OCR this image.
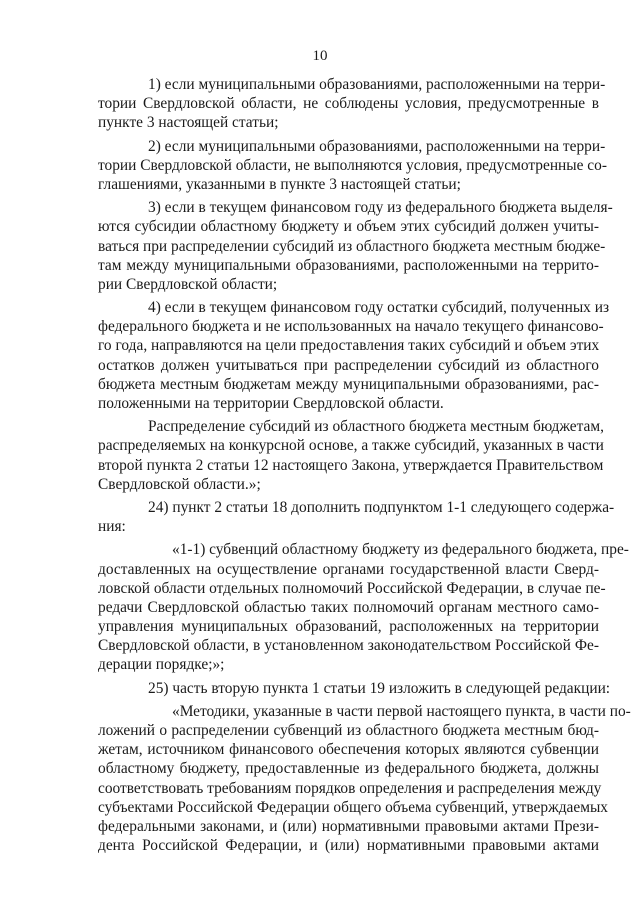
10
1) если муниципальными образованиями, расположенными на терри-
тории Свердловской области, не соблюдены условия, предусмотренные в
пункте 3 настоящей статьи;
2) если муниципальными образованиями, расположенными на терри-
тории Свердловской области, не выполняются условия, предусмотренные со-
глашениями, указанными в пункте 3 настоящей статьи;
3) если в текущем финансовом году из федерального бюджета выделя-
ются субсидии областному бюджету и объем этих субсидий должен учиты-
ваться при распределении субсидий из областного бюджета местным бюдже-
там между муниципальными образованиями, расположенными на террито-
рии Свердловской области;
4) если в текущем финансовом году остатки субсидий, полученных из
федерального бюджета и не использованных на начало текущего финансово-
го года, направляются на цели предоставления таких субсидий и объем этих
остатков должен учитываться при распределении субсидий из областного
бюджета местным бюджетам между муниципальными образованиями, рас-
положенными на территории Свердловской области.
Распределение субсидий из областного бюджета местным бюджетам,
распределяемых на конкурсной основе, а также субсидий, указанных в части
второй пункта 2 статьи 12 настоящего Закона, утверждается Правительством
Свердловской области.»;
24) пункт 2 статьи 18 дополнить подпунктом 1-1 следующего содержа-
ния:
«1-1) субвенций областному бюджету из федерального бюджета, пре-
доставленных на осуществление органами государственной власти Сверд-
ловской области отдельных полномочий Российской Федерации, в случае пе-
редачи Свердловской областью таких полномочий органам местного само-
управления муниципальных образований, расположенных на территории
Свердловской области, в установленном законодательством Российской Фе-
дерации порядке;»;
25) часть вторую пункта 1 статьи 19 изложить в следующей редакции:
«Методики, указанные в части первой настоящего пункта, в части по-
ложений о распределении субвенций из областного бюджета местным бюд-
жетам, источником финансового обеспечения которых являются субвенции
областному бюджету, предоставленные из федерального бюджета, должны
соответствовать требованиям порядков определения и распределения между
субъектами Российской Федерации общего объема субвенций, утверждаемых
федеральными законами, и (или) нормативными правовыми актами Прези-
дента Российской Федерации, и (или) нормативными правовыми актами
